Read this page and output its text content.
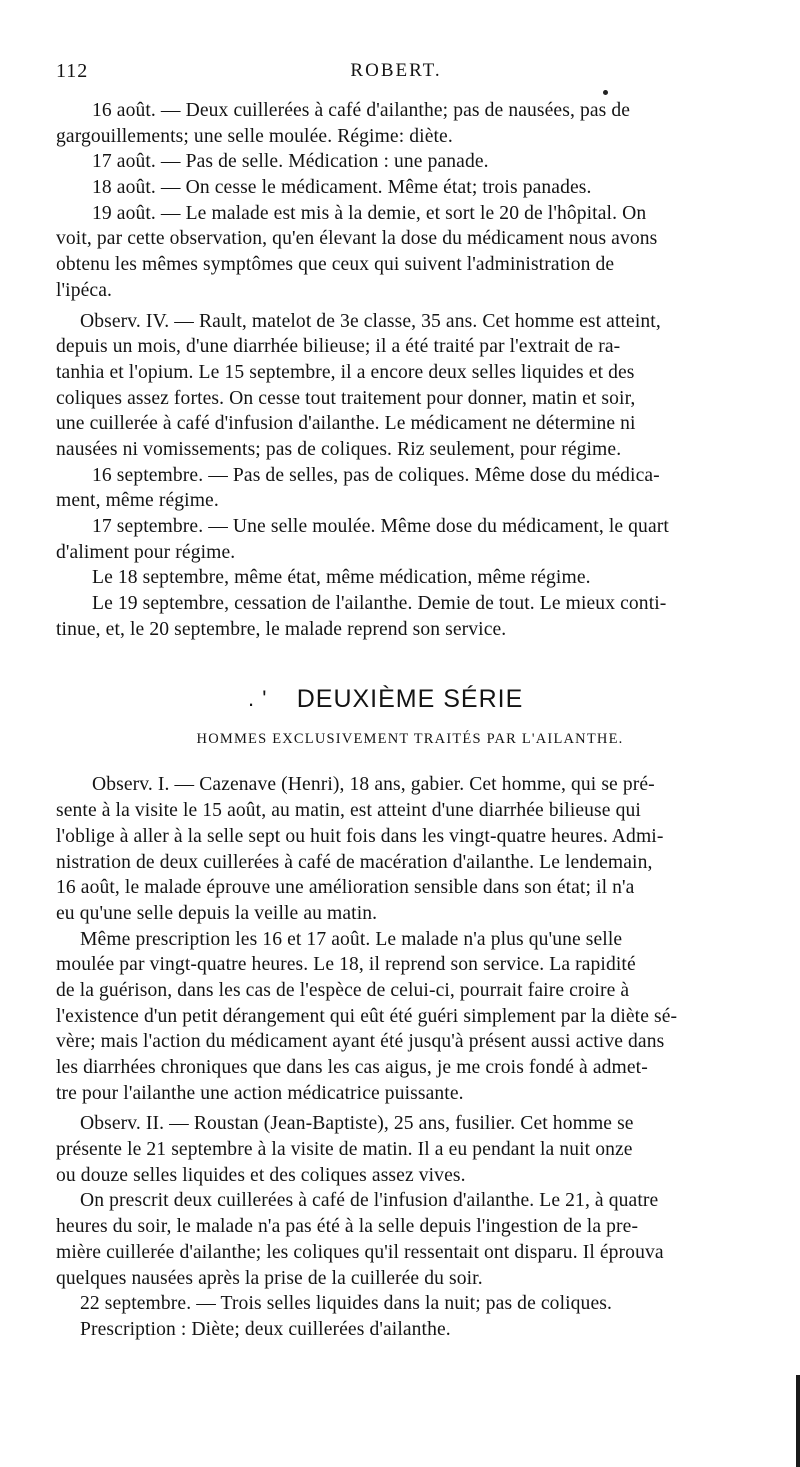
112	ROBERT.
16 août. — Deux cuillerées à café d'ailanthe; pas de nausées, pas de
gargouillements; une selle moulée. Régime: diète.
17 août. — Pas de selle. Médication : une panade.
18 août. — On cesse le médicament. Même état; trois panades.
19 août. — Le malade est mis à la demie, et sort le 20 de l'hôpital. On
voit, par cette observation, qu'en élevant la dose du médicament nous avons
obtenu les mêmes symptômes que ceux qui suivent l'administration de
l'ipéca.
Observ. IV. — Rault, matelot de 3e classe, 35 ans. Cet homme est atteint,
depuis un mois, d'une diarrhée bilieuse; il a été traité par l'extrait de ra-
tanhia et l'opium. Le 15 septembre, il a encore deux selles liquides et des
coliques assez fortes. On cesse tout traitement pour donner, matin et soir,
une cuillerée à café d'infusion d'ailanthe. Le médicament ne détermine ni
nausées ni vomissements; pas de coliques. Riz seulement, pour régime.
16 septembre. — Pas de selles, pas de coliques. Même dose du médica-
ment, même régime.
17 septembre. — Une selle moulée. Même dose du médicament, le quart
d'aliment pour régime.
Le 18 septembre, même état, même médication, même régime.
Le 19 septembre, cessation de l'ailanthe. Demie de tout. Le mieux conti-
tinue, et, le 20 septembre, le malade reprend son service.
. ' DEUXIÈME SÉRIE
HOMMES EXCLUSIVEMENT TRAITÉS PAR L'AILANTHE.
Observ. I. — Cazenave (Henri), 18 ans, gabier. Cet homme, qui se pré-
sente à la visite le 15 août, au matin, est atteint d'une diarrhée bilieuse qui
l'oblige à aller à la selle sept ou huit fois dans les vingt-quatre heures. Admi-
nistration de deux cuillerées à café de macération d'ailanthe. Le lendemain,
16 août, le malade éprouve une amélioration sensible dans son état; il n'a
eu qu'une selle depuis la veille au matin.
Même prescription les 16 et 17 août. Le malade n'a plus qu'une selle
moulée par vingt-quatre heures. Le 18, il reprend son service. La rapidité
de la guérison, dans les cas de l'espèce de celui-ci, pourrait faire croire à
l'existence d'un petit dérangement qui eût été guéri simplement par la diète sé-
vère; mais l'action du médicament ayant été jusqu'à présent aussi active dans
les diarrhées chroniques que dans les cas aigus, je me crois fondé à admet-
tre pour l'ailanthe une action médicatrice puissante.
Observ. II. — Roustan (Jean-Baptiste), 25 ans, fusilier. Cet homme se
présente le 21 septembre à la visite de matin. Il a eu pendant la nuit onze
ou douze selles liquides et des coliques assez vives.
On prescrit deux cuillerées à café de l'infusion d'ailanthe. Le 21, à quatre
heures du soir, le malade n'a pas été à la selle depuis l'ingestion de la pre-
mière cuillerée d'ailanthe; les coliques qu'il ressentait ont disparu. Il éprouva
quelques nausées après la prise de la cuillerée du soir.
22 septembre. — Trois selles liquides dans la nuit; pas de coliques.
Prescription : Diète; deux cuillerées d'ailanthe.
